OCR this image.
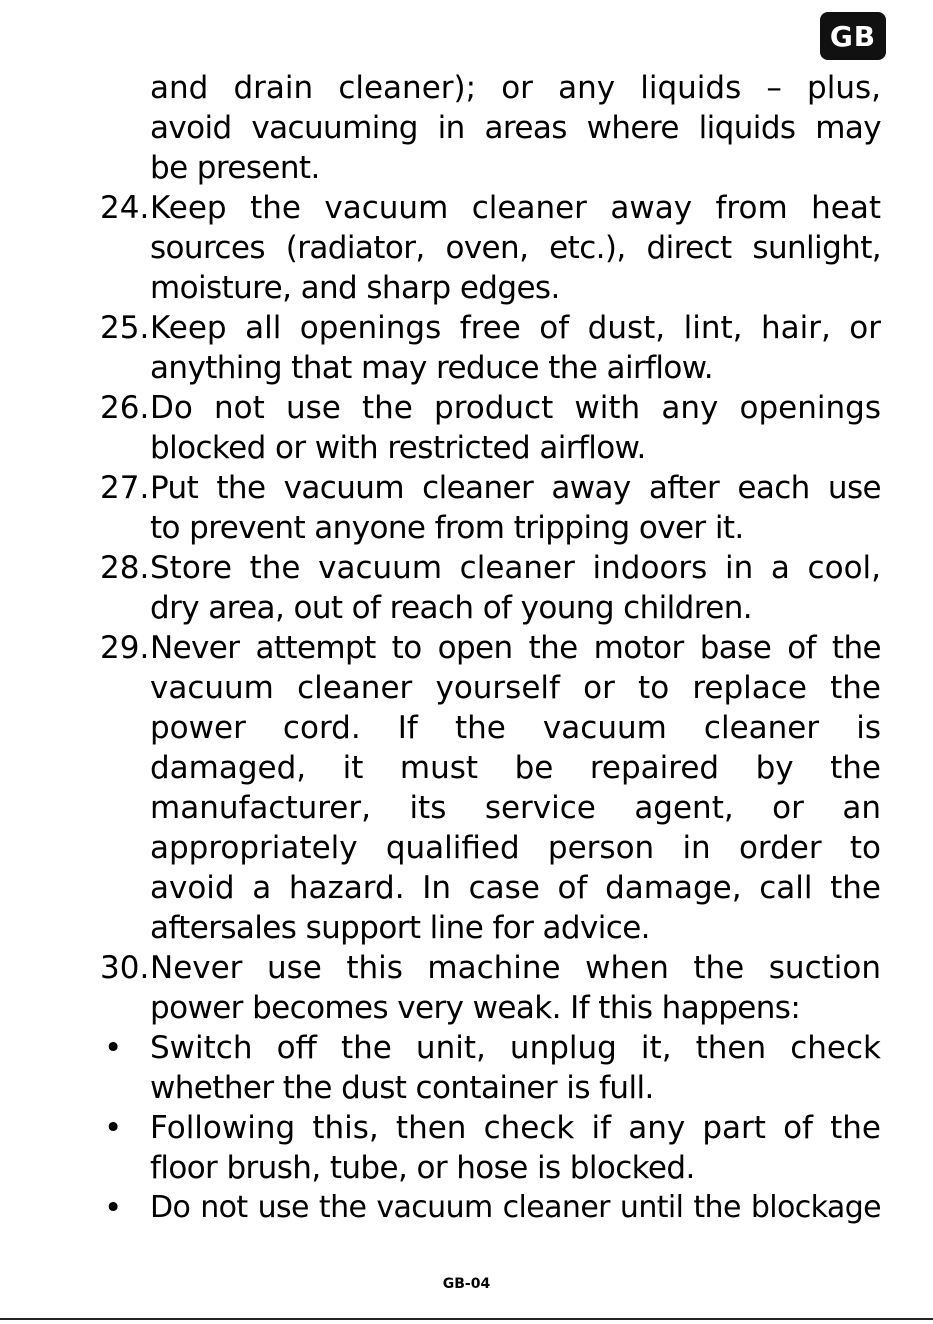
GB
and drain cleaner); or any liquids – plus,
avoid vacuuming in areas where liquids may
be present.
24. Keep the vacuum cleaner away from heat
sources (radiator, oven, etc.), direct sunlight,
moisture, and sharp edges.
25. Keep all openings free of dust, lint, hair, or
anything that may reduce the airflow.
26. Do not use the product with any openings
blocked or with restricted airflow.
27. Put the vacuum cleaner away after each use
to prevent anyone from tripping over it.
28. Store the vacuum cleaner indoors in a cool,
dry area, out of reach of young children.
29. Never attempt to open the motor base of the
vacuum cleaner yourself or to replace the
power cord. If the vacuum cleaner is
damaged, it must be repaired by the
manufacturer, its service agent, or an
appropriately qualified person in order to
avoid a hazard. In case of damage, call the
aftersales support line for advice.
30. Never use this machine when the suction
power becomes very weak. If this happens:
• Switch off the unit, unplug it, then check
whether the dust container is full.
• Following this, then check if any part of the
floor brush, tube, or hose is blocked.
• Do not use the vacuum cleaner until the blockage
GB-04
